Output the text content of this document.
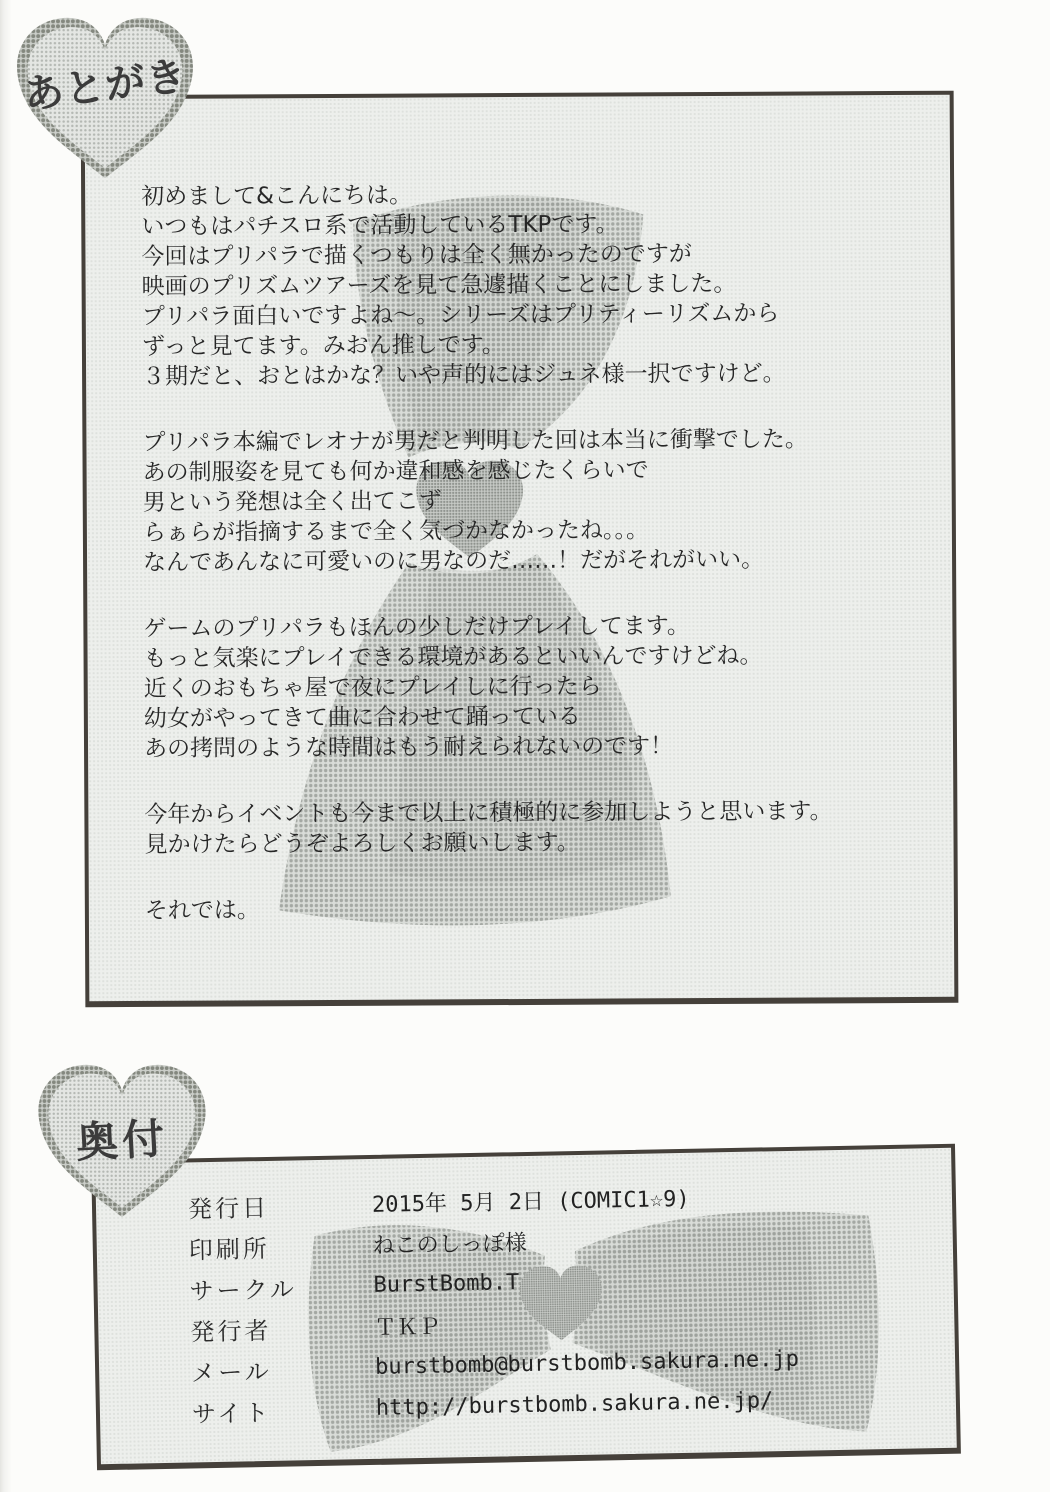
初めまして&こんにちは。
いつもはパチスロ系で活動しているTKPです。
今回はプリパラで描くつもりは全く無かったのですが
映画のプリズムツアーズを見て急遽描くことにしました。
プリパラ面白いですよね～。シリーズはプリティーリズムから
ずっと見てます。みおん推しです。
３期だと、おとはかな？いや声的にはジュネ様一択ですけど。
プリパラ本編でレオナが男だと判明した回は本当に衝撃でした。
あの制服姿を見ても何か違和感を感じたくらいで
男という発想は全く出てこず
らぁらが指摘するまで全く気づかなかったね。。。
なんであんなに可愛いのに男なのだ……！だがそれがいい。
ゲームのプリパラもほんの少しだけプレイしてます。
もっと気楽にプレイできる環境があるといいんですけどね。
近くのおもちゃ屋で夜にプレイしに行ったら
幼女がやってきて曲に合わせて踊っている
あの拷問のような時間はもう耐えられないのです！
今年からイベントも今まで以上に積極的に参加しようと思います。
見かけたらどうぞよろしくお願いします。
それでは。
発行日	2015年 5月 2日 (COMIC1☆9)
印刷所	ねこのしっぽ様
サークル	BurstBomb.T
発行者	ＴＫＰ
メール	burstbomb@burstbomb.sakura.ne.jp
サイト	http://burstbomb.sakura.ne.jp/
あとがき
奥付
